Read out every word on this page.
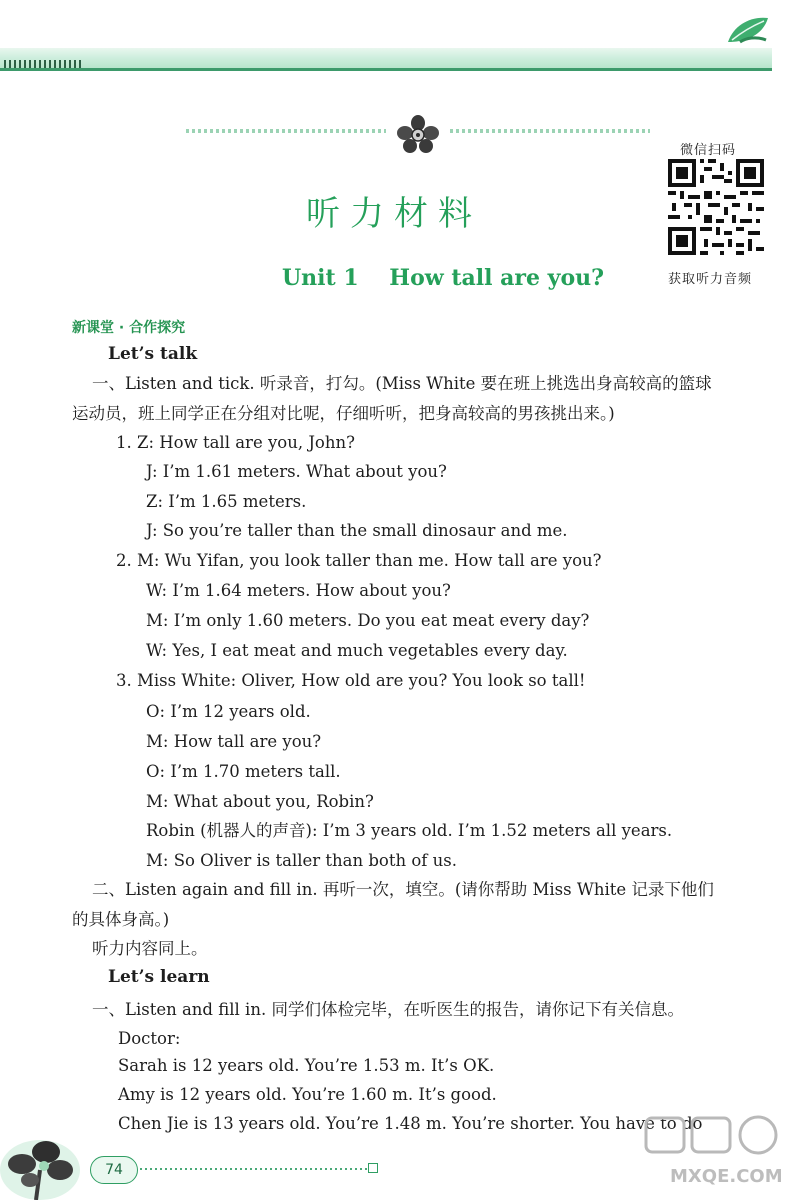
微信扫码
获取听力音频
听力材料
Unit 1    How tall are you?
新课堂 · 合作探究
Let’s talk
一、Listen and tick. 听录音，打勾。(Miss White 要在班上挑选出身高较高的篮球
运动员，班上同学正在分组对比呢，仔细听听，把身高较高的男孩挑出来。)
1. Z: How tall are you, John?
J: I’m 1.61 meters. What about you?
Z: I’m 1.65 meters.
J: So you’re taller than the small dinosaur and me.
2. M: Wu Yifan, you look taller than me. How tall are you?
W: I’m 1.64 meters. How about you?
M: I’m only 1.60 meters. Do you eat meat every day?
W: Yes, I eat meat and much vegetables every day.
3. Miss White: Oliver, How old are you? You look so tall!
O: I’m 12 years old.
M: How tall are you?
O: I’m 1.70 meters tall.
M: What about you, Robin?
Robin (机器人的声音): I’m 3 years old. I’m 1.52 meters all years.
M: So Oliver is taller than both of us.
二、Listen again and fill in. 再听一次，填空。(请你帮助 Miss White 记录下他们
的具体身高。)
听力内容同上。
Let’s learn
一、Listen and fill in. 同学们体检完毕，在听医生的报告，请你记下有关信息。
Doctor:
Sarah is 12 years old. You’re 1.53 m. It’s OK.
Amy is 12 years old. You’re 1.60 m. It’s good.
Chen Jie is 13 years old. You’re 1.48 m. You’re shorter. You have to do
74	MXQE.COM
